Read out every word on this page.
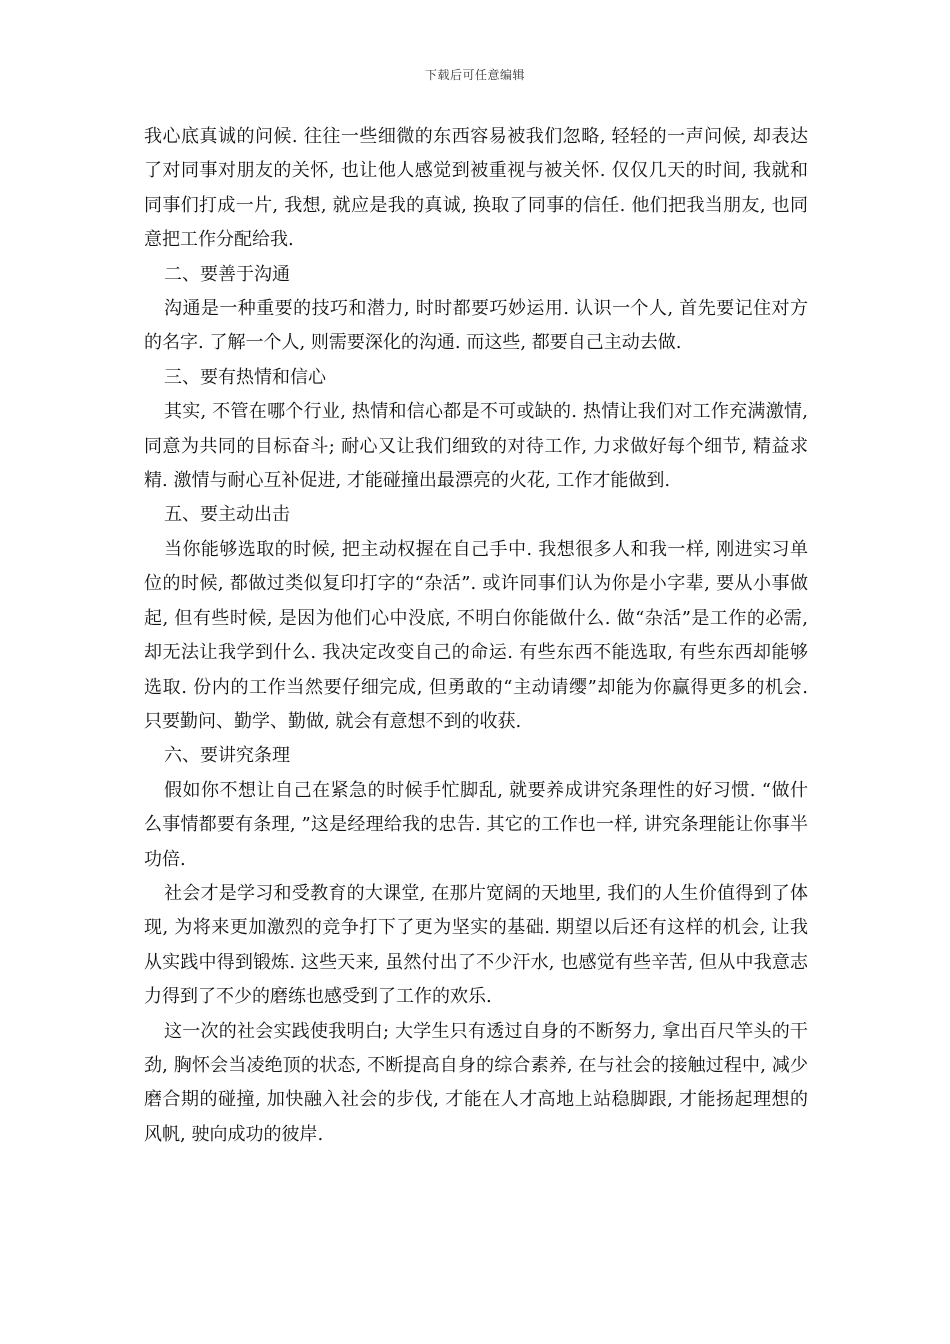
下载后可任意编辑

我心底真诚的问候. 往往一些细微的东西容易被我们忽略, 轻轻的一声问候, 却表达了对同事对朋友的关怀, 也让他人感觉到被重视与被关怀. 仅仅几天的时间, 我就和同事们打成一片, 我想, 就应是我的真诚, 换取了同事的信任. 他们把我当朋友, 也同意把工作分配给我.

二、要善于沟通

沟通是一种重要的技巧和潜力, 时时都要巧妙运用. 认识一个人, 首先要记住对方的名字. 了解一个人, 则需要深化的沟通. 而这些, 都要自己主动去做.

三、要有热情和信心

其实, 不管在哪个行业, 热情和信心都是不可或缺的. 热情让我们对工作充满激情, 同意为共同的目标奋斗; 耐心又让我们细致的对待工作, 力求做好每个细节, 精益求精. 激情与耐心互补促进, 才能碰撞出最漂亮的火花, 工作才能做到.

五、要主动出击

当你能够选取的时候, 把主动权握在自己手中. 我想很多人和我一样, 刚进实习单位的时候, 都做过类似复印打字的“杂活”. 或许同事们认为你是小字辈, 要从小事做起, 但有些时候, 是因为他们心中没底, 不明白你能做什么. 做“杂活”是工作的必需, 却无法让我学到什么. 我决定改变自己的命运. 有些东西不能选取, 有些东西却能够选取. 份内的工作当然要仔细完成, 但勇敢的“主动请缨”却能为你赢得更多的机会. 只要勤问、勤学、勤做, 就会有意想不到的收获.

六、要讲究条理

假如你不想让自己在紧急的时候手忙脚乱, 就要养成讲究条理性的好习惯. “做什么事情都要有条理, ”这是经理给我的忠告. 其它的工作也一样, 讲究条理能让你事半功倍.

社会才是学习和受教育的大课堂, 在那片宽阔的天地里, 我们的人生价值得到了体现, 为将来更加激烈的竞争打下了更为坚实的基础. 期望以后还有这样的机会, 让我从实践中得到锻炼. 这些天来, 虽然付出了不少汗水, 也感觉有些辛苦, 但从中我意志力得到了不少的磨练也感受到了工作的欢乐.

这一次的社会实践使我明白; 大学生只有透过自身的不断努力, 拿出百尺竿头的干劲, 胸怀会当凌绝顶的状态, 不断提高自身的综合素养, 在与社会的接触过程中, 减少磨合期的碰撞, 加快融入社会的步伐, 才能在人才高地上站稳脚跟, 才能扬起理想的风帆, 驶向成功的彼岸.
